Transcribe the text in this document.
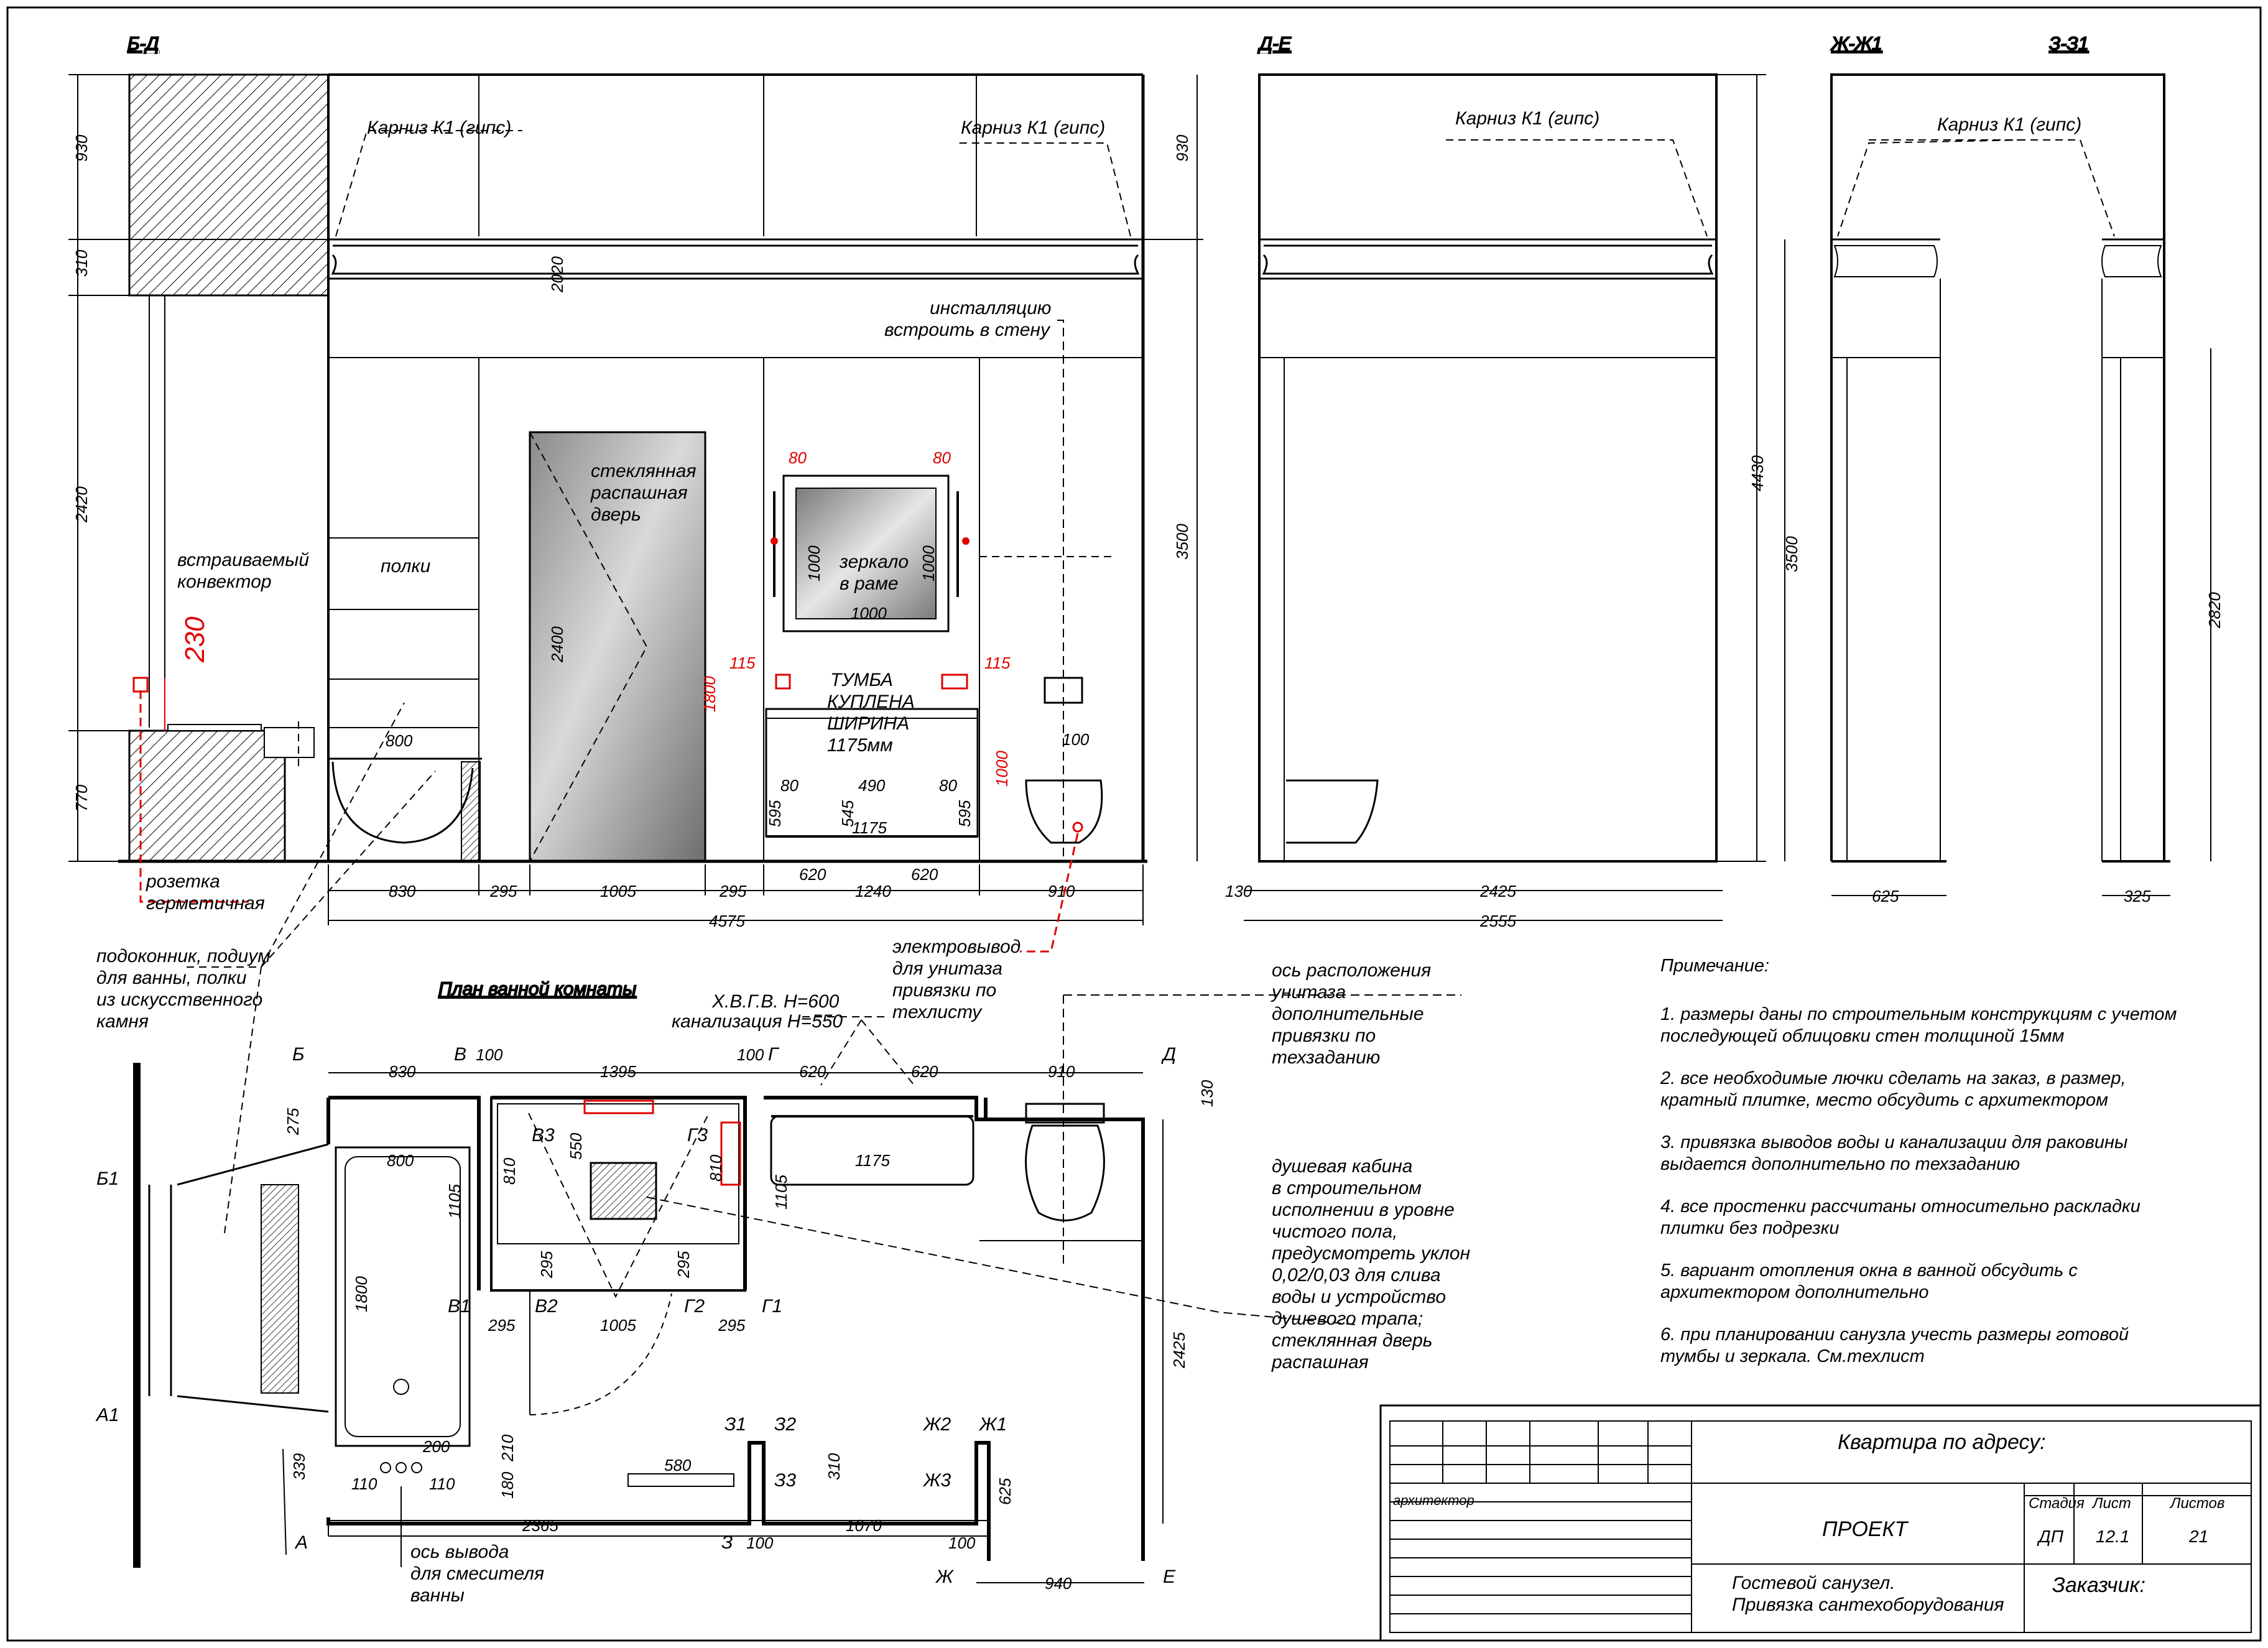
Б-Д	Д-Е	Ж-Ж1	З-З1
План ванной комнаты
Карниз К1 (гипс)	Карниз К1 (гипс)	Карниз К1 (гипс)	Карниз К1 (гипс)
стеклянная
распашная
дверь
полки
встраиваемый
конвектор
инсталляцию
встроить в стену
зеркало
в раме
ТУМБА
КУПЛЕНА
ШИРИНА
1175мм
розетка
герметичная
подоконник, подиум
для ванны, полки
из искусственного
камня
электровывод
для унитаза
привязки по
техлисту
Х.В.Г.В. Н=600
канализация Н=550
ось расположения
унитаза
дополнительные
привязки по
техзаданию
душевая кабина
в строительном
исполнении в уровне
чистого пола,
предусмотреть уклон
0,02/0,03 для слива
воды и устройство
душевого трапа;
стеклянная дверь
распашная
ось вывода
для смесителя
ванны
Примечание:
1. размеры даны по строительным конструкциям с учетом
последующей облицовки стен толщиной 15мм
2. все необходимые лючки сделать на заказ, в размер,
кратный плитке, место обсудить с архитектором
3. привязка выводов воды и канализации для раковины
выдается дополнительно по техзаданию
4. все простенки рассчитаны относительно раскладки
плитки без подрезки
5. вариант отопления окна в ванной обсудить с
архитектором дополнительно
6. при планировании санузла учесть размеры готовой
тумбы и зеркала. См.техлист
Квартира по адресу:
архитектор
ПРОЕКТ
Стадия Лист	Листов
ДП 12.1	21
Гостевой санузел.
Привязка сантехоборудования
Заказчик:
Б	В	Г	Д
Б1
А1
А
В1	В2	Г2	Г1
В3	Г3
З
З1 З2
З3
Ж
Ж1
Ж2
Ж3
Е
930
310
2420
770
2020
2400
930
3500
230
800
80	80
1000	1000
1000
115	115
1800
1000
100
80	490	80
595	545	595
1175
830	295	1005	295
620
1240
620
910
4575
4430
130	2425
2555
3500
625
2820
325
830
100
1395
100
620	620	910
130
275
800
1105
1800
810
550
810	1175
1105
295	295
295	1005	295
2425
200	210
180
339
110	110
580	310
625
2365
100
1070
100
940
